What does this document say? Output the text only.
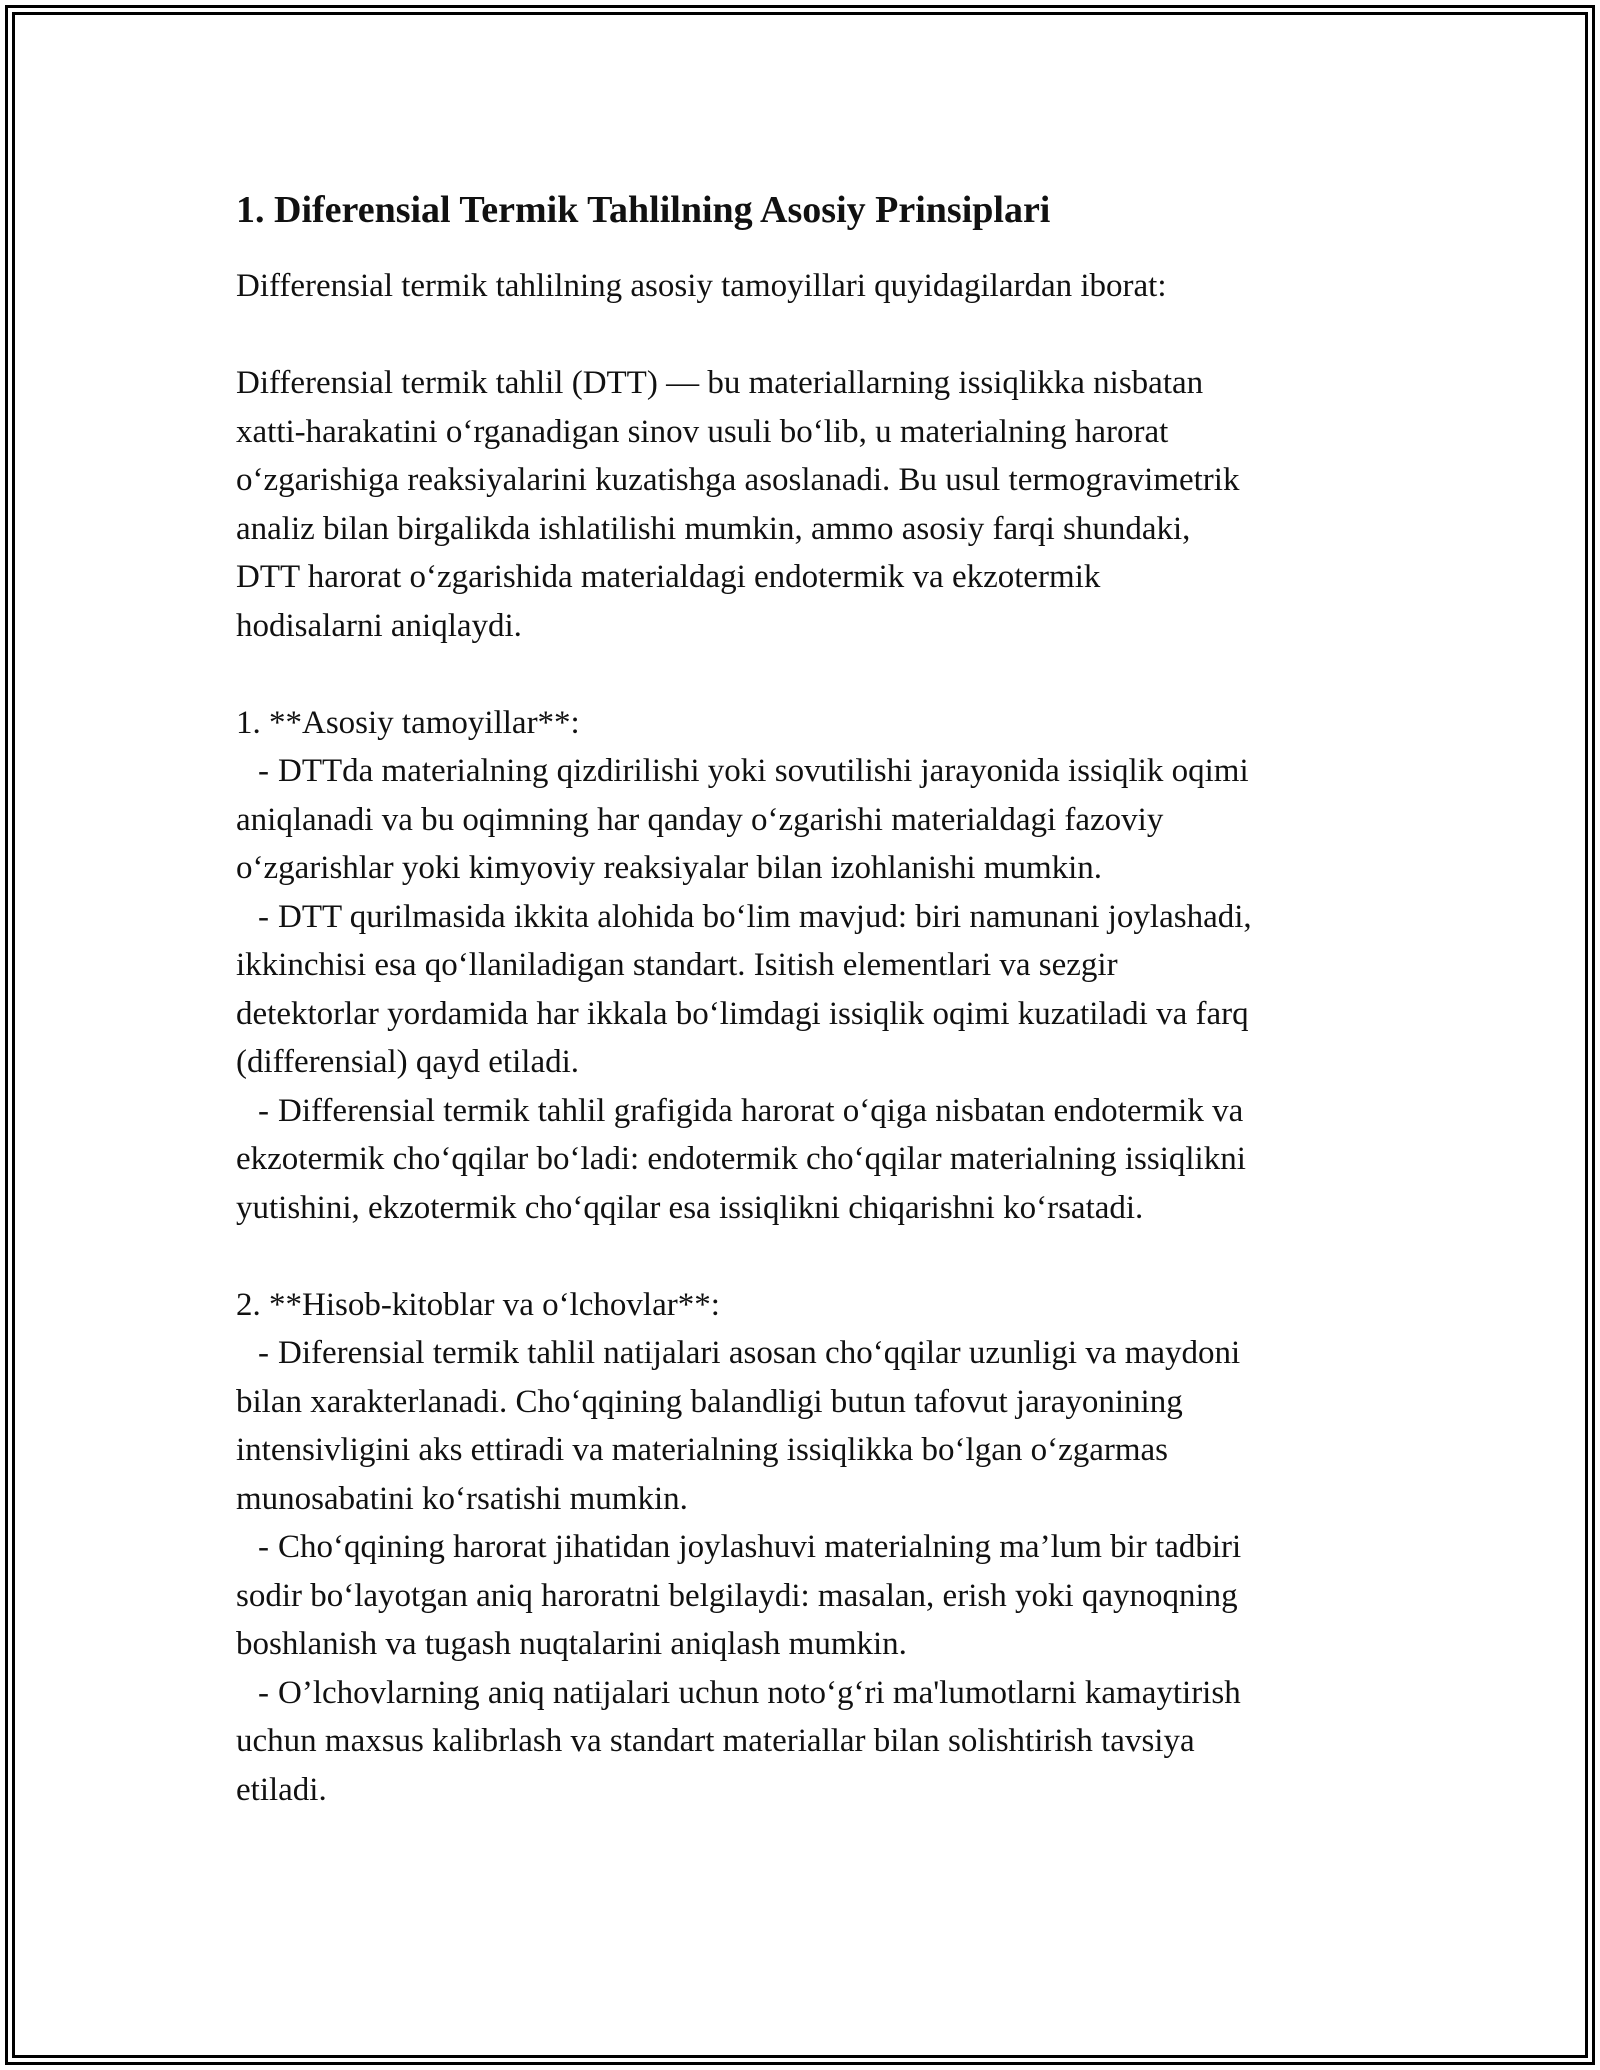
1. Diferensial Termik Tahlilning Asosiy Prinsiplari

Differensial termik tahlilning asosiy tamoyillari quyidagilardan iborat:

Differensial termik tahlil (DTT) — bu materiallarning issiqlikka nisbatan
xatti-harakatini o‘rganadigan sinov usuli bo‘lib, u materialning harorat
o‘zgarishiga reaksiyalarini kuzatishga asoslanadi. Bu usul termogravimetrik
analiz bilan birgalikda ishlatilishi mumkin, ammo asosiy farqi shundaki,
DTT harorat o‘zgarishida materialdagi endotermik va ekzotermik
hodisalarni aniqlaydi.

1. **Asosiy tamoyillar**:

- DTTda materialning qizdirilishi yoki sovutilishi jarayonida issiqlik oqimi
aniqlanadi va bu oqimning har qanday o‘zgarishi materialdagi fazoviy
o‘zgarishlar yoki kimyoviy reaksiyalar bilan izohlanishi mumkin.

- DTT qurilmasida ikkita alohida bo‘lim mavjud: biri namunani joylashadi,
ikkinchisi esa qo‘llaniladigan standart. Isitish elementlari va sezgir
detektorlar yordamida har ikkala bo‘limdagi issiqlik oqimi kuzatiladi va farq
(differensial) qayd etiladi.

- Differensial termik tahlil grafigida harorat o‘qiga nisbatan endotermik va
ekzotermik cho‘qqilar bo‘ladi: endotermik cho‘qqilar materialning issiqlikni
yutishini, ekzotermik cho‘qqilar esa issiqlikni chiqarishni ko‘rsatadi.

2. **Hisob-kitoblar va o‘lchovlar**:

- Diferensial termik tahlil natijalari asosan cho‘qqilar uzunligi va maydoni
bilan xarakterlanadi. Cho‘qqining balandligi butun tafovut jarayonining
intensivligini aks ettiradi va materialning issiqlikka bo‘lgan o‘zgarmas
munosabatini ko‘rsatishi mumkin.

- Cho‘qqining harorat jihatidan joylashuvi materialning ma’lum bir tadbiri
sodir bo‘layotgan aniq haroratni belgilaydi: masalan, erish yoki qaynoqning
boshlanish va tugash nuqtalarini aniqlash mumkin.

- O’lchovlarning aniq natijalari uchun noto‘g‘ri ma'lumotlarni kamaytirish
uchun maxsus kalibrlash va standart materiallar bilan solishtirish tavsiya
etiladi.
